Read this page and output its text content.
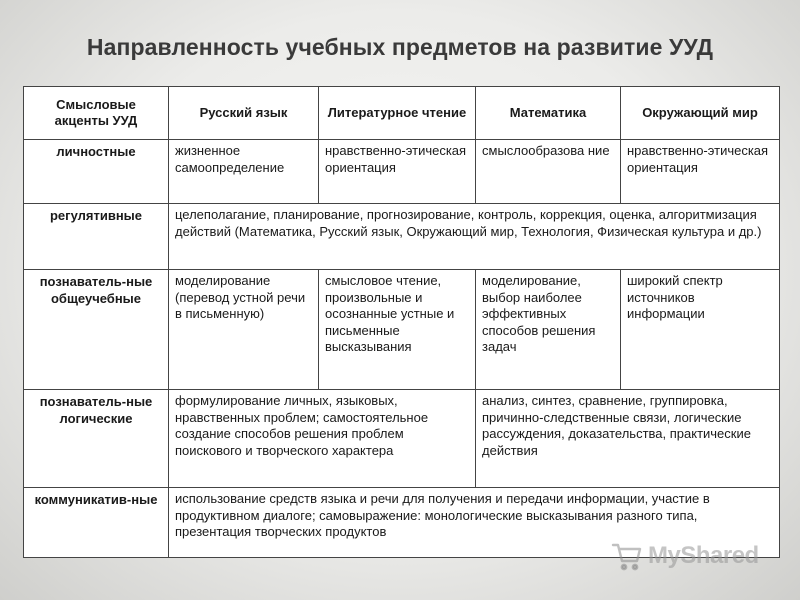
Направленность учебных предметов на развитие УУД
Смысловые акценты УУД	Русский язык	Литературное чтение	Математика	Окружающий мир
личностные	жизненное самоопределение	нравственно-этическая ориентация	смыслообразова ние	нравственно-этическая ориентация
регулятивные	целеполагание, планирование, прогнозирование, контроль, коррекция, оценка, алгоритмизация действий (Математика, Русский язык, Окружающий мир, Технология, Физическая культура и др.)			
познаватель-ные общеучебные	моделирование (перевод устной речи в письменную)	смысловое чтение, произвольные и осознанные устные и письменные высказывания	моделирование, выбор наиболее эффективных способов решения задач	широкий спектр источников информации
познаватель-ные логические	формулирование личных, языковых, нравственных проблем; самостоятельное создание способов решения проблем поискового и творческого характера		анализ, синтез, сравнение, группировка, причинно-следственные связи, логические рассуждения, доказательства, практические действия	
коммуникатив-ные	использование средств языка и речи для получения и передачи информации, участие в продуктивном диалоге; самовыражение: монологические высказывания разного типа, презентация творческих продуктов			
MyShared
